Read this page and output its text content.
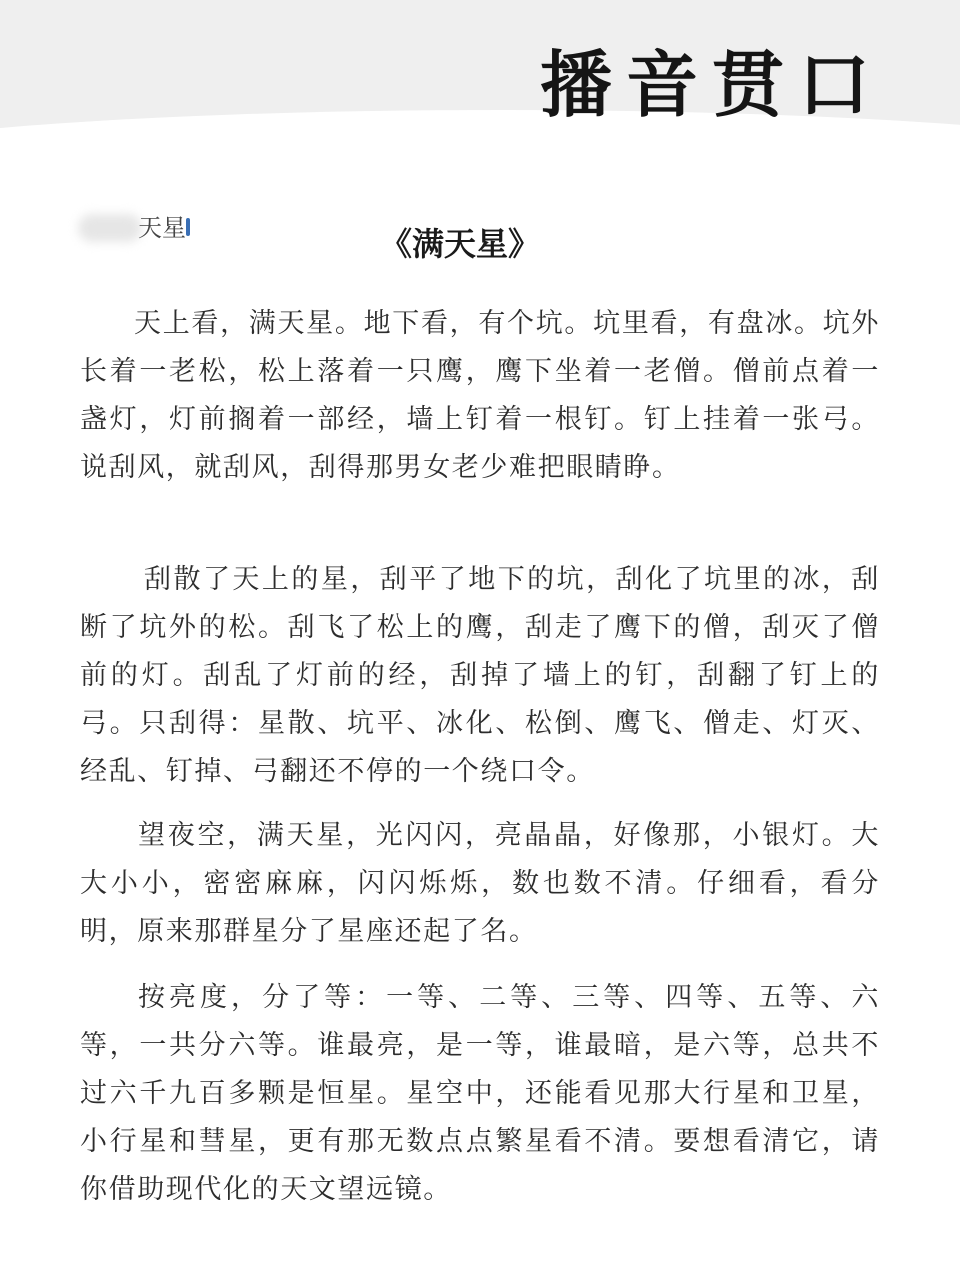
播音贯口
天星	《满天星》

天上看，满天星。地下看，有个坑。坑里看，有盘冰。坑外长着一老松，松上落着一只鹰，鹰下坐着一老僧。僧前点着一盏灯，灯前搁着一部经，墙上钉着一根钉。钉上挂着一张弓。说刮风，就刮风，刮得那男女老少难把眼睛睁。

刮散了天上的星，刮平了地下的坑，刮化了坑里的冰，刮断了坑外的松。刮飞了松上的鹰，刮走了鹰下的僧，刮灭了僧前的灯。刮乱了灯前的经，刮掉了墙上的钉，刮翻了钉上的弓。只刮得：星散、坑平、冰化、松倒、鹰飞、僧走、灯灭、经乱、钉掉、弓翻还不停的一个绕口令。

望夜空，满天星，光闪闪，亮晶晶，好像那，小银灯。大大小小，密密麻麻，闪闪烁烁，数也数不清。仔细看，看分明，原来那群星分了星座还起了名。

按亮度，分了等：一等、二等、三等、四等、五等、六等，一共分六等。谁最亮，是一等，谁最暗，是六等，总共不过六千九百多颗是恒星。星空中，还能看见那大行星和卫星，小行星和彗星，更有那无数点点繁星看不清。要想看清它，请你借助现代化的天文望远镜。
